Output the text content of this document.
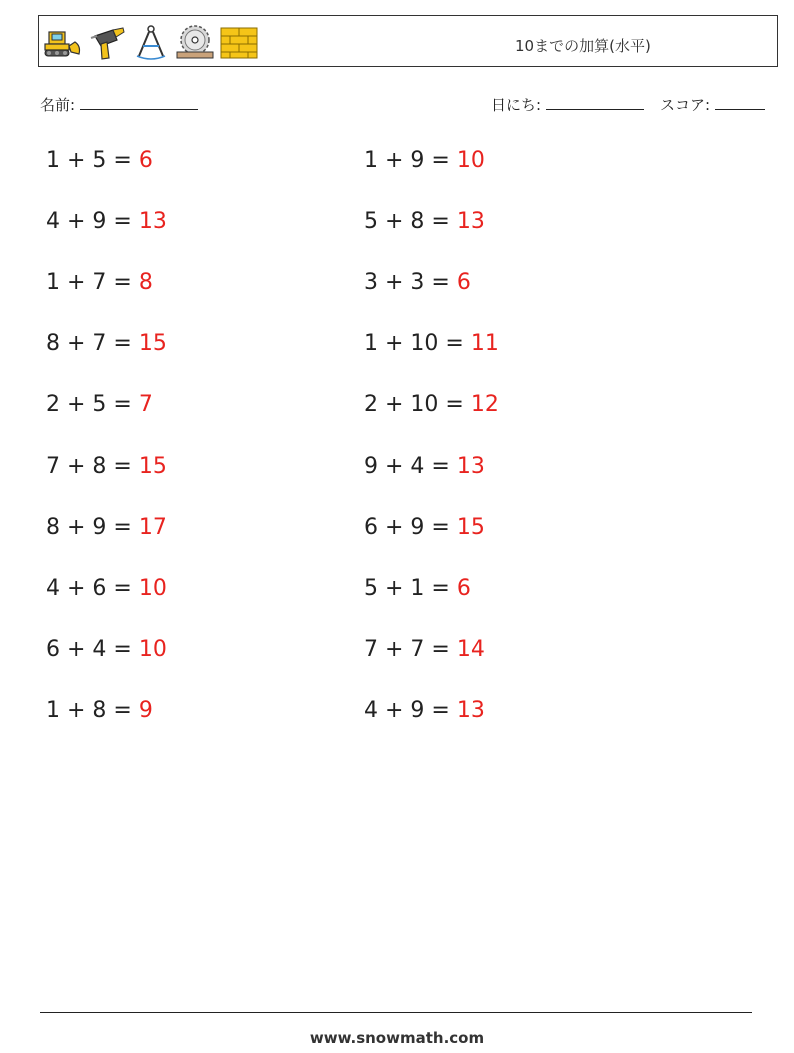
10までの加算(水平)
名前:	日にち:	スコア:
1 + 5 = 6	1 + 9 = 10
4 + 9 = 13	5 + 8 = 13
1 + 7 = 8	3 + 3 = 6
8 + 7 = 15	1 + 10 = 11
2 + 5 = 7	2 + 10 = 12
7 + 8 = 15	9 + 4 = 13
8 + 9 = 17	6 + 9 = 15
4 + 6 = 10	5 + 1 = 6
6 + 4 = 10	7 + 7 = 14
1 + 8 = 9	4 + 9 = 13
www.snowmath.com
